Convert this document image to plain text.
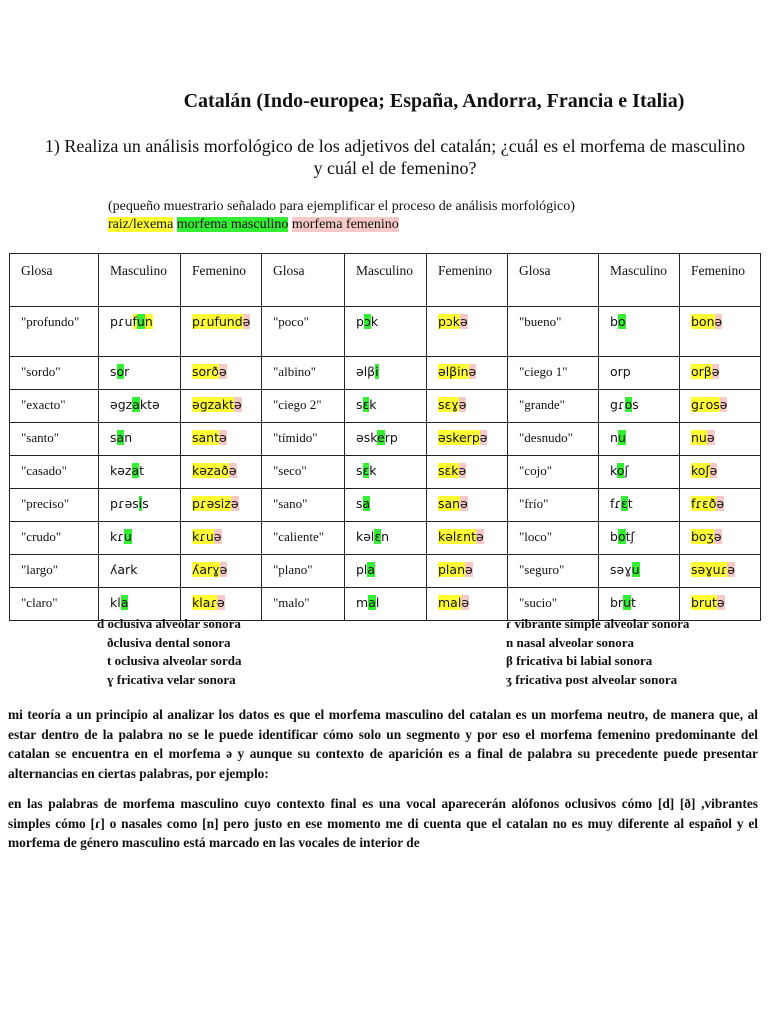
Catalán (Indo-europea; España, Andorra, Francia e Italia)

1) Realiza un análisis morfológico de los adjetivos del catalán; ¿cuál es el morfema de masculino y cuál el de femenino?

(pequeño muestrario señalado para ejemplificar el proceso de análisis morfológico)
raiz/lexema morfema masculino morfema femenino
Glosa	Masculino	Femenino	Glosa	Masculino	Femenino	Glosa	Masculino	Femenino
"profundo"	pɾufun	pɾufundə	"poco"	pɔk	pɔkə	"bueno"	bo	bonə
"sordo"	sor	sorðə	"albino"	əlβi	əlβinə	"ciego 1"	orp	orβə
"exacto"	əgzaktə	əgzaktə	"ciego 2"	sɛk	sɛɣə	"grande"	gɾos	gɾosə
"santo"	san	santə	"tímido"	əskerp	əskerpə	"desnudo"	nu	nuə
"casado"	kəzat	kəzaðə	"seco"	sɛk	sɛkə	"cojo"	koʃ	koʃə
"preciso"	pɾəsis	pɾəsizə	"sano"	sa	sanə	"frío"	fɾɛt	fɾɛðə
"crudo"	kɾu	kɾuə	"caliente"	kəlɛn	kəlɛntə	"loco"	botʃ	boʒə
"largo"	ʎark	ʎarɣə	"plano"	pla	planə	"seguro"	səɣu	səɣuɾə
"claro"	kla	klaɾə	"malo"	mal	malə	"sucio"	brut	brutə
d oclusiva alveolar sonora
ðclusiva dental sonora
t oclusiva alveolar sorda
ɣ fricativa velar sonora
ɾ vibrante simple alveolar sonora
n nasal alveolar sonora
β fricativa bi labial sonora
ʒ fricativa post alveolar sonora

mi teoría a un principio al analizar los datos es que el morfema masculino del catalan es un morfema neutro, de manera que, al estar dentro de la palabra no se le puede identificar cómo solo un segmento y por eso el morfema femenino predominante del catalan se encuentra en el morfema ə y aunque su contexto de aparición es a final de palabra su precedente puede presentar alternancias en ciertas palabras, por ejemplo:

en las palabras de morfema masculino cuyo contexto final es una vocal aparecerán alófonos oclusivos cómo [d] [ð] ,vibrantes simples cómo [ɾ] o nasales como [n] pero justo en ese momento me di cuenta que el catalan no es muy diferente al español y el morfema de género masculino está marcado en las vocales de interior de
